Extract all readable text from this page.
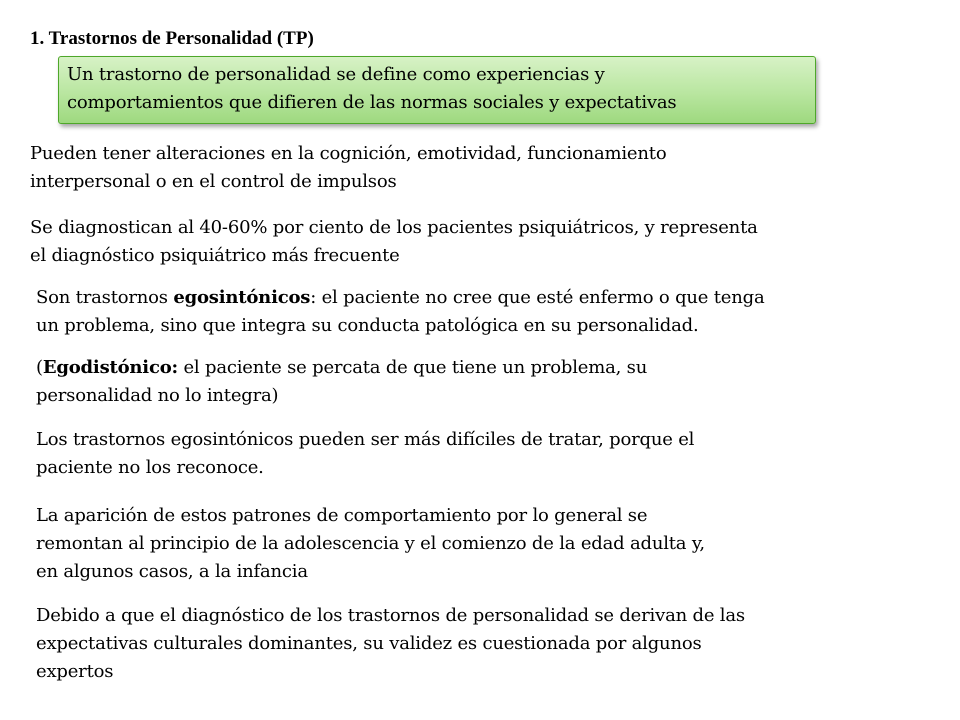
1. Trastornos de Personalidad (TP)
Un trastorno de personalidad se define como experiencias y
comportamientos que difieren de las normas sociales y expectativas
Pueden tener alteraciones en la cognición, emotividad, funcionamiento
interpersonal o en el control de impulsos
Se diagnostican al 40-60% por ciento de los pacientes psiquiátricos, y representa
el diagnóstico psiquiátrico más frecuente
Son trastornos egosintónicos: el paciente no cree que esté enfermo o que tenga
un problema, sino que integra su conducta patológica en su personalidad.
(Egodistónico: el paciente se percata de que tiene un problema, su
personalidad no lo integra)
Los trastornos egosintónicos pueden ser más difíciles de tratar, porque el
paciente no los reconoce.
La aparición de estos patrones de comportamiento por lo general se
remontan al principio de la adolescencia y el comienzo de la edad adulta y,
en algunos casos, a la infancia
Debido a que el diagnóstico de los trastornos de personalidad se derivan de las
expectativas culturales dominantes, su validez es cuestionada por algunos
expertos
